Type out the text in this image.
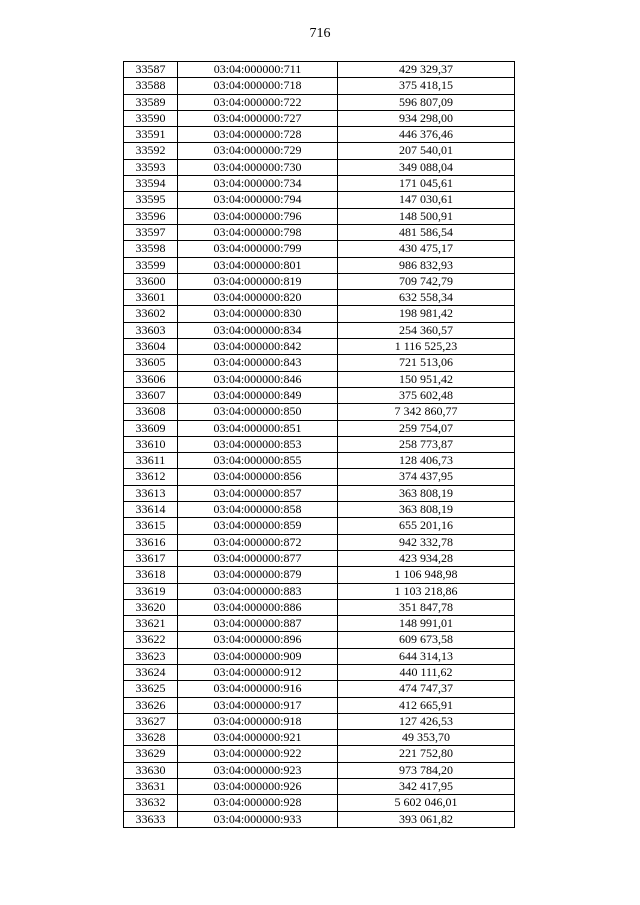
716
33587	03:04:000000:711	429 329,37
33588	03:04:000000:718	375 418,15
33589	03:04:000000:722	596 807,09
33590	03:04:000000:727	934 298,00
33591	03:04:000000:728	446 376,46
33592	03:04:000000:729	207 540,01
33593	03:04:000000:730	349 088,04
33594	03:04:000000:734	171 045,61
33595	03:04:000000:794	147 030,61
33596	03:04:000000:796	148 500,91
33597	03:04:000000:798	481 586,54
33598	03:04:000000:799	430 475,17
33599	03:04:000000:801	986 832,93
33600	03:04:000000:819	709 742,79
33601	03:04:000000:820	632 558,34
33602	03:04:000000:830	198 981,42
33603	03:04:000000:834	254 360,57
33604	03:04:000000:842	1 116 525,23
33605	03:04:000000:843	721 513,06
33606	03:04:000000:846	150 951,42
33607	03:04:000000:849	375 602,48
33608	03:04:000000:850	7 342 860,77
33609	03:04:000000:851	259 754,07
33610	03:04:000000:853	258 773,87
33611	03:04:000000:855	128 406,73
33612	03:04:000000:856	374 437,95
33613	03:04:000000:857	363 808,19
33614	03:04:000000:858	363 808,19
33615	03:04:000000:859	655 201,16
33616	03:04:000000:872	942 332,78
33617	03:04:000000:877	423 934,28
33618	03:04:000000:879	1 106 948,98
33619	03:04:000000:883	1 103 218,86
33620	03:04:000000:886	351 847,78
33621	03:04:000000:887	148 991,01
33622	03:04:000000:896	609 673,58
33623	03:04:000000:909	644 314,13
33624	03:04:000000:912	440 111,62
33625	03:04:000000:916	474 747,37
33626	03:04:000000:917	412 665,91
33627	03:04:000000:918	127 426,53
33628	03:04:000000:921	49 353,70
33629	03:04:000000:922	221 752,80
33630	03:04:000000:923	973 784,20
33631	03:04:000000:926	342 417,95
33632	03:04:000000:928	5 602 046,01
33633	03:04:000000:933	393 061,82
